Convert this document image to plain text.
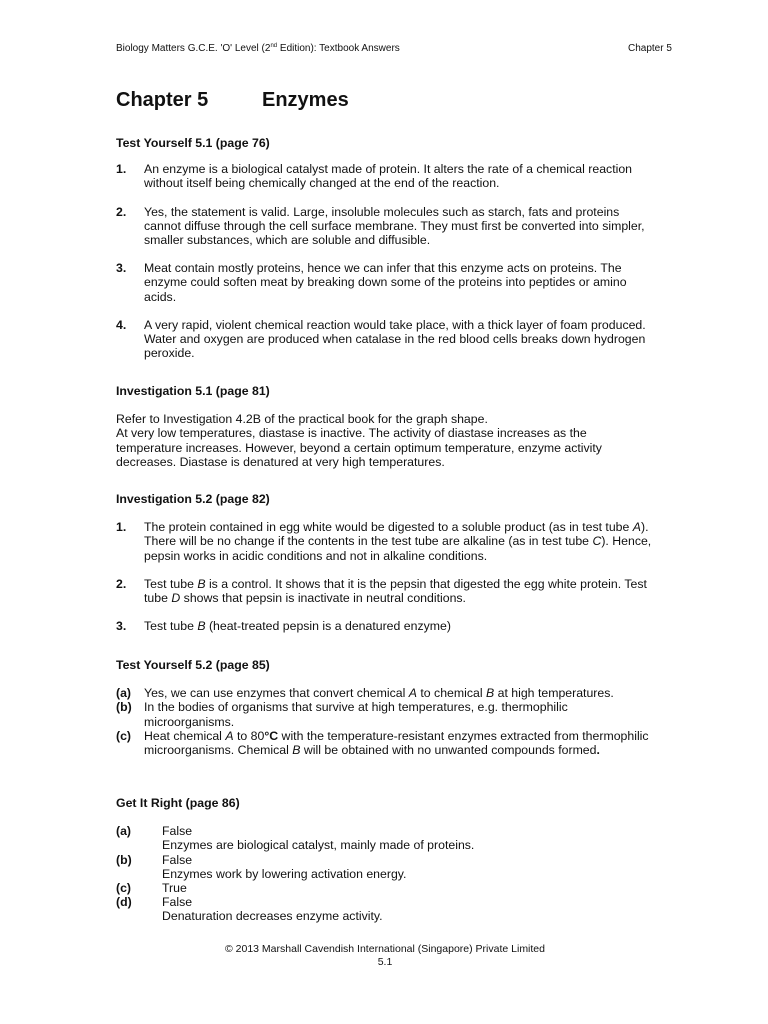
Biology Matters G.C.E. 'O' Level (2nd Edition): Textbook Answers	Chapter 5
Chapter 5	Enzymes

Test Yourself 5.1 (page 76)

1. An enzyme is a biological catalyst made of protein. It alters the rate of a chemical reaction without itself being chemically changed at the end of the reaction.
2. Yes, the statement is valid. Large, insoluble molecules such as starch, fats and proteins cannot diffuse through the cell surface membrane. They must first be converted into simpler, smaller substances, which are soluble and diffusible.
3. Meat contain mostly proteins, hence we can infer that this enzyme acts on proteins. The enzyme could soften meat by breaking down some of the proteins into peptides or amino acids.
4. A very rapid, violent chemical reaction would take place, with a thick layer of foam produced. Water and oxygen are produced when catalase in the red blood cells breaks down hydrogen peroxide.

Investigation 5.1 (page 81)

Refer to Investigation 4.2B of the practical book for the graph shape.

At very low temperatures, diastase is inactive. The activity of diastase increases as the temperature increases. However, beyond a certain optimum temperature, enzyme activity decreases. Diastase is denatured at very high temperatures.

Investigation 5.2 (page 82)

1. The protein contained in egg white would be digested to a soluble product (as in test tube A). There will be no change if the contents in the test tube are alkaline (as in test tube C). Hence, pepsin works in acidic conditions and not in alkaline conditions.
2. Test tube B is a control. It shows that it is the pepsin that digested the egg white protein. Test tube D shows that pepsin is inactivate in neutral conditions.
3. Test tube B (heat-treated pepsin is a denatured enzyme)

Test Yourself 5.2 (page 85)

(a) Yes, we can use enzymes that convert chemical A to chemical B at high temperatures.
(b) In the bodies of organisms that survive at high temperatures, e.g. thermophilic microorganisms.
(c) Heat chemical A to 80°C with the temperature-resistant enzymes extracted from thermophilic microorganisms. Chemical B will be obtained with no unwanted compounds formed.

Get It Right (page 86)

(a)	False
Enzymes are biological catalyst, mainly made of proteins.
(b) False
Enzymes work by lowering activation energy.
(c)	True
(d) False
Denaturation decreases enzyme activity.
© 2013 Marshall Cavendish International (Singapore) Private Limited
5.1
